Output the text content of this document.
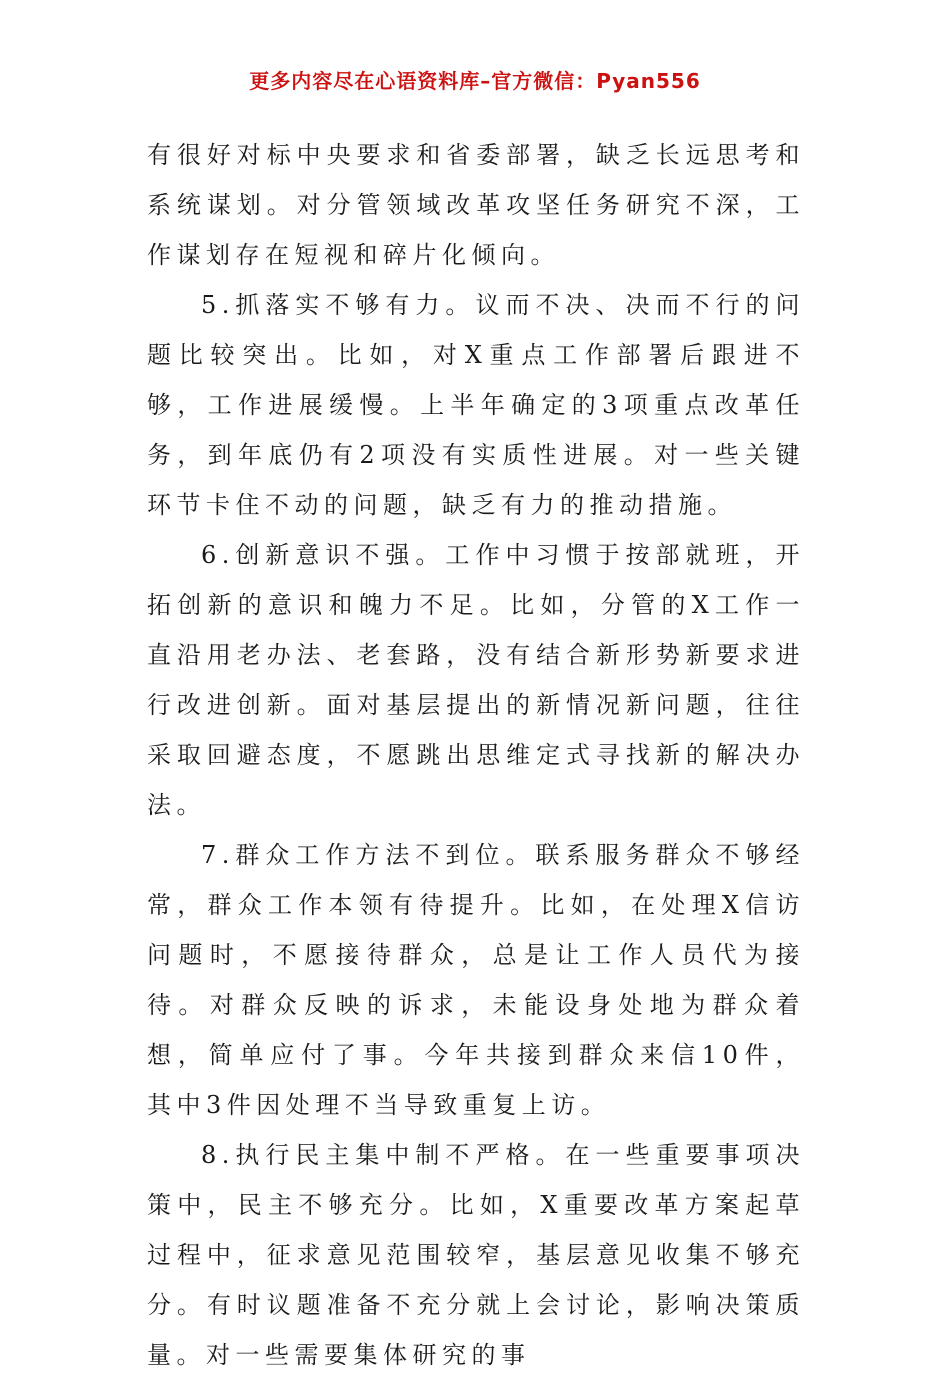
更多内容尽在心语资料库–官方微信：Pyan556

有很好对标中央要求和省委部署，缺乏长远思考和系统谋划。对分管领域改革攻坚任务研究不深，工作谋划存在短视和碎片化倾向。

5.抓落实不够有力。议而不决、决而不行的问题比较突出。比如，对X重点工作部署后跟进不够，工作进展缓慢。上半年确定的3项重点改革任务，到年底仍有2项没有实质性进展。对一些关键环节卡住不动的问题，缺乏有力的推动措施。

6.创新意识不强。工作中习惯于按部就班，开拓创新的意识和魄力不足。比如，分管的X工作一直沿用老办法、老套路，没有结合新形势新要求进行改进创新。面对基层提出的新情况新问题，往往采取回避态度，不愿跳出思维定式寻找新的解决办法。

7.群众工作方法不到位。联系服务群众不够经常，群众工作本领有待提升。比如，在处理X信访问题时，不愿接待群众，总是让工作人员代为接待。对群众反映的诉求，未能设身处地为群众着想，简单应付了事。今年共接到群众来信10件，其中3件因处理不当导致重复上访。

8.执行民主集中制不严格。在一些重要事项决策中，民主不够充分。比如，X重要改革方案起草过程中，征求意见范围较窄，基层意见收集不够充分。有时议题准备不充分就上会讨论，影响决策质量。对一些需要集体研究的事
